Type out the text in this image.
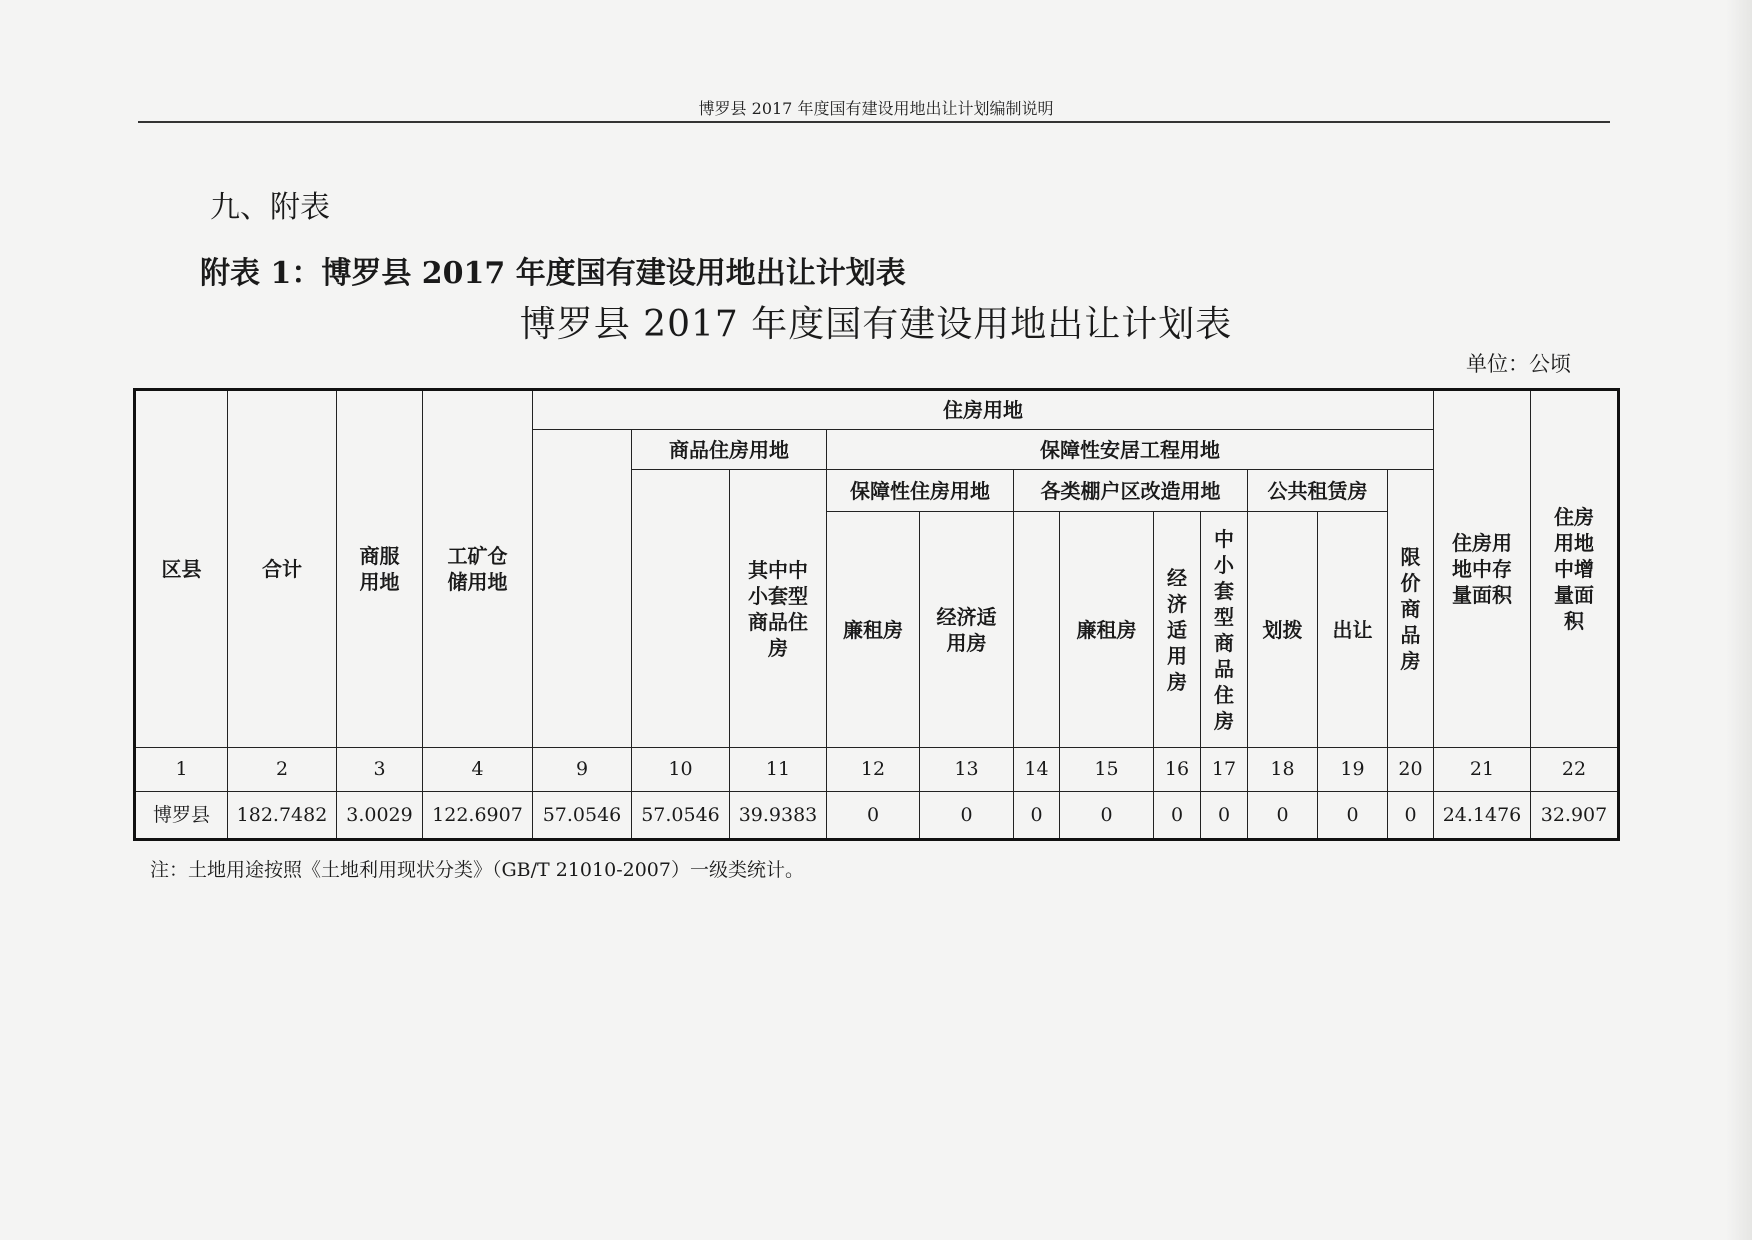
博罗县 2017 年度国有建设用地出让计划编制说明
九、附表
附表 1：博罗县 2017 年度国有建设用地出让计划表
博罗县 2017 年度国有建设用地出让计划表
单位：公顷
区县	合计	商服用地	工矿仓储用地	住房用地												住房用地中存量面积	住房用地中增量面积

					商品住房用地		保障性安居工程用地										

						其中中小套型商品住房	保障性住房用地		各类棚户区改造用地				公共租赁房		限价商品房		

							廉租房	经济适用房		廉租房	经济适用房	中小套型商品住房	划拨	出让			
1	2	3	4	9	10	11	12	13	14	15	16	17	18	19	20	21	22
博罗县	182.7482	3.0029	122.6907	57.0546	57.0546	39.9383	0	0	0	0	0	0	0	0	0	24.1476	32.907
注：土地用途按照《土地利用现状分类》（GB/T 21010-2007）一级类统计。
